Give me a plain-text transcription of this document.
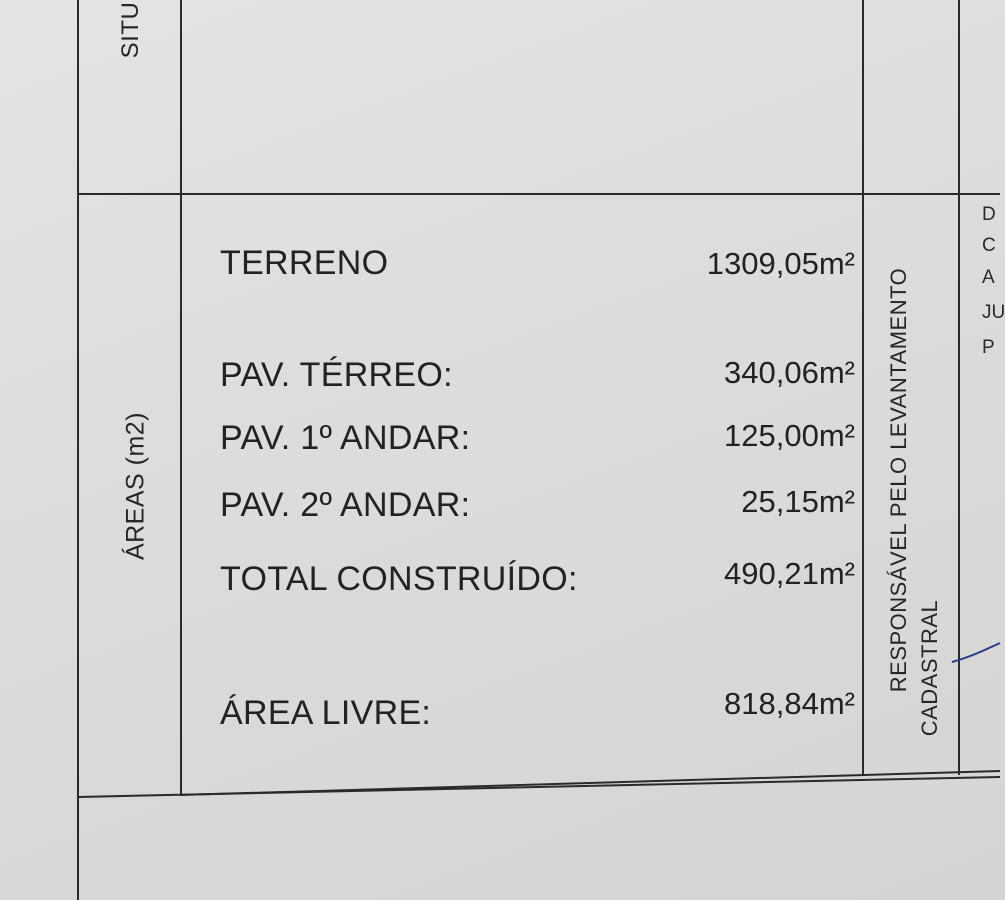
SITU
ÁREAS (m2)
TERRENO	1309,05m²
PAV. TÉRREO:	340,06m²
PAV. 1º ANDAR:	125,00m²
PAV. 2º ANDAR:	25,15m²
TOTAL CONSTRUÍDO:	490,21m²
ÁREA LIVRE:	818,84m²
RESPONSÁVEL PELO LEVANTAMENTO CADASTRAL
D
C
A
JU
P
